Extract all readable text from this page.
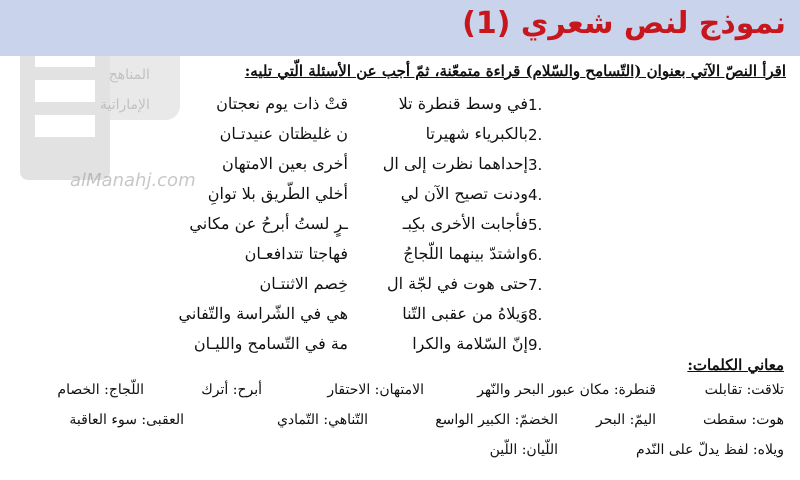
المناهج
الإماراتية
alManahj.com
نموذج لنص شعري (1)
اقرأ النصّ الآتي بعنوان (التّسامح والسّلام) قراءة متمعّنة، ثمّ أجب عن الأسئلة الّتي تليه:
1.
في وسط قنطرة تلا
قتْ ذات يوم نعجتان
2.
بالكبرياء شهيرتا
ن غليظتان عنيدتـان
3.
إحداهما نظرت إلى ال
أخرى بعين الامتهان
4.
ودنت تصيح الآن لي
أخلي الطّريق بلا توانِ
5.
فأجابت الأخرى بكِبـ
ـرٍ لستُ أبرحُ عن مكاني
6.
واشتدّ بينهما اللّجاجُ
فهاجتا تتدافعـان
7.
حتى هوت في لجّة ال
خِصم الاثنتـان
8.
وَيلاهُ من عقبى التّنا
هي في الشّراسة والتّفاني
9.
إنّ السّلامة والكرا
مة في التّسامح والليـان
معاني الكلمات:
تلاقت: تقابلت
قنطرة: مكان عبور البحر والنّهر
الامتهان: الاحتقار
أبرح: أترك
اللّجاج: الخصام
هوت: سقطت
اليمّ: البحر
الخضمّ: الكبير الواسع
التّناهي: التّمادي
العقبى: سوء العاقبة
ويلاه: لفظ يدلّ على النّدم
اللّيان: اللّين
